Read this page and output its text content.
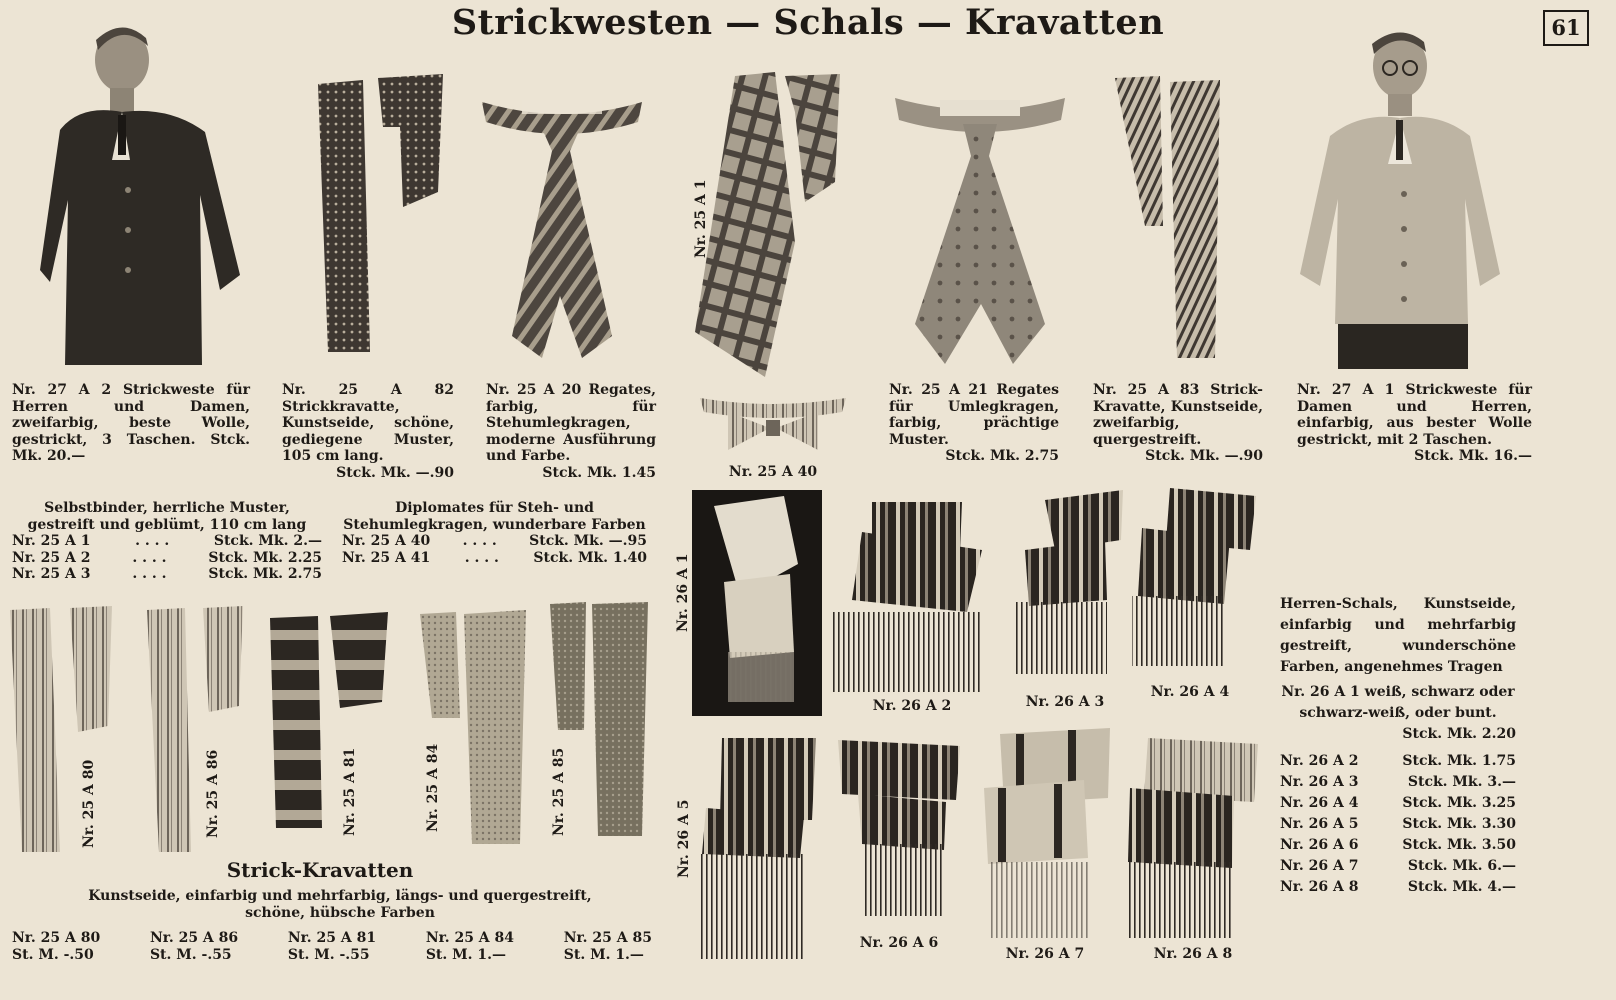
Strickwesten — Schals — Kravatten	61
Nr. 25 A 1
Nr. 25 A 40
Nr. 27 A 2 Strickweste für Herren und Damen, zweifarbig, beste Wolle, gestrickt, 3 Taschen. Stck. Mk. 20.—
Nr. 25 A 82 Strickkravatte, Kunstseide, schöne, gediegene Muster, 105 cm lang.
Stck. Mk. —.90
Nr. 25 A 20 Regates, farbig, für Stehumlegkragen, moderne Ausführung und Farbe.
Stck. Mk. 1.45
Nr. 25 A 21 Regates für Umlegkragen, farbig, prächtige Muster.
Stck. Mk. 2.75
Nr. 25 A 83 Strick-Kravatte, Kunstseide, zweifarbig, quergestreift.
Stck. Mk. —.90
Nr. 27 A 1 Strickweste für Damen und Herren, einfarbig, aus bester Wolle gestrickt, mit 2 Taschen.
Stck. Mk. 16.—
Selbstbinder, herrliche Muster, gestreift und geblümt, 110 cm lang
Nr. 25 A 1	. . . .	Stck. Mk. 2.—
Nr. 25 A 2	. . . .	Stck. Mk. 2.25
Nr. 25 A 3	. . . .	Stck. Mk. 2.75
Diplomates für Steh- und Stehumlegkragen, wunderbare Farben
Nr. 25 A 40 . . . . Stck. Mk. —.95
Nr. 25 A 41 . . . . Stck. Mk. 1.40
Nr. 25 A 80	Nr. 25 A 86	Nr. 25 A 81	Nr. 25 A 84	Nr. 25 A 85
Strick-Kravatten
Kunstseide, einfarbig und mehrfarbig, längs- und quergestreift, schöne, hübsche Farben
Nr. 25 A 80
St. M. -.50
Nr. 25 A 86
St. M. -.55
Nr. 25 A 81
St. M. -.55
Nr. 25 A 84
St. M. 1.—
Nr. 25 A 85
St. M. 1.—
Nr. 26 A 1
Nr. 26 A 2	Nr. 26 A 3
Nr. 26 A 4
Nr. 26 A 5
Nr. 26 A 6
Nr. 26 A 7	Nr. 26 A 8
Herren-Schals, Kunstseide, einfarbig und mehrfarbig gestreift, wunderschöne Farben, angenehmes Tragen
Nr. 26 A 1 weiß, schwarz oder schwarz-weiß, oder bunt.
Stck. Mk. 2.20
Nr. 26 A 2	Stck. Mk. 1.75
Nr. 26 A 3	Stck. Mk. 3.—
Nr. 26 A 4	Stck. Mk. 3.25
Nr. 26 A 5	Stck. Mk. 3.30
Nr. 26 A 6	Stck. Mk. 3.50
Nr. 26 A 7	Stck. Mk. 6.—
Nr. 26 A 8	Stck. Mk. 4.—
